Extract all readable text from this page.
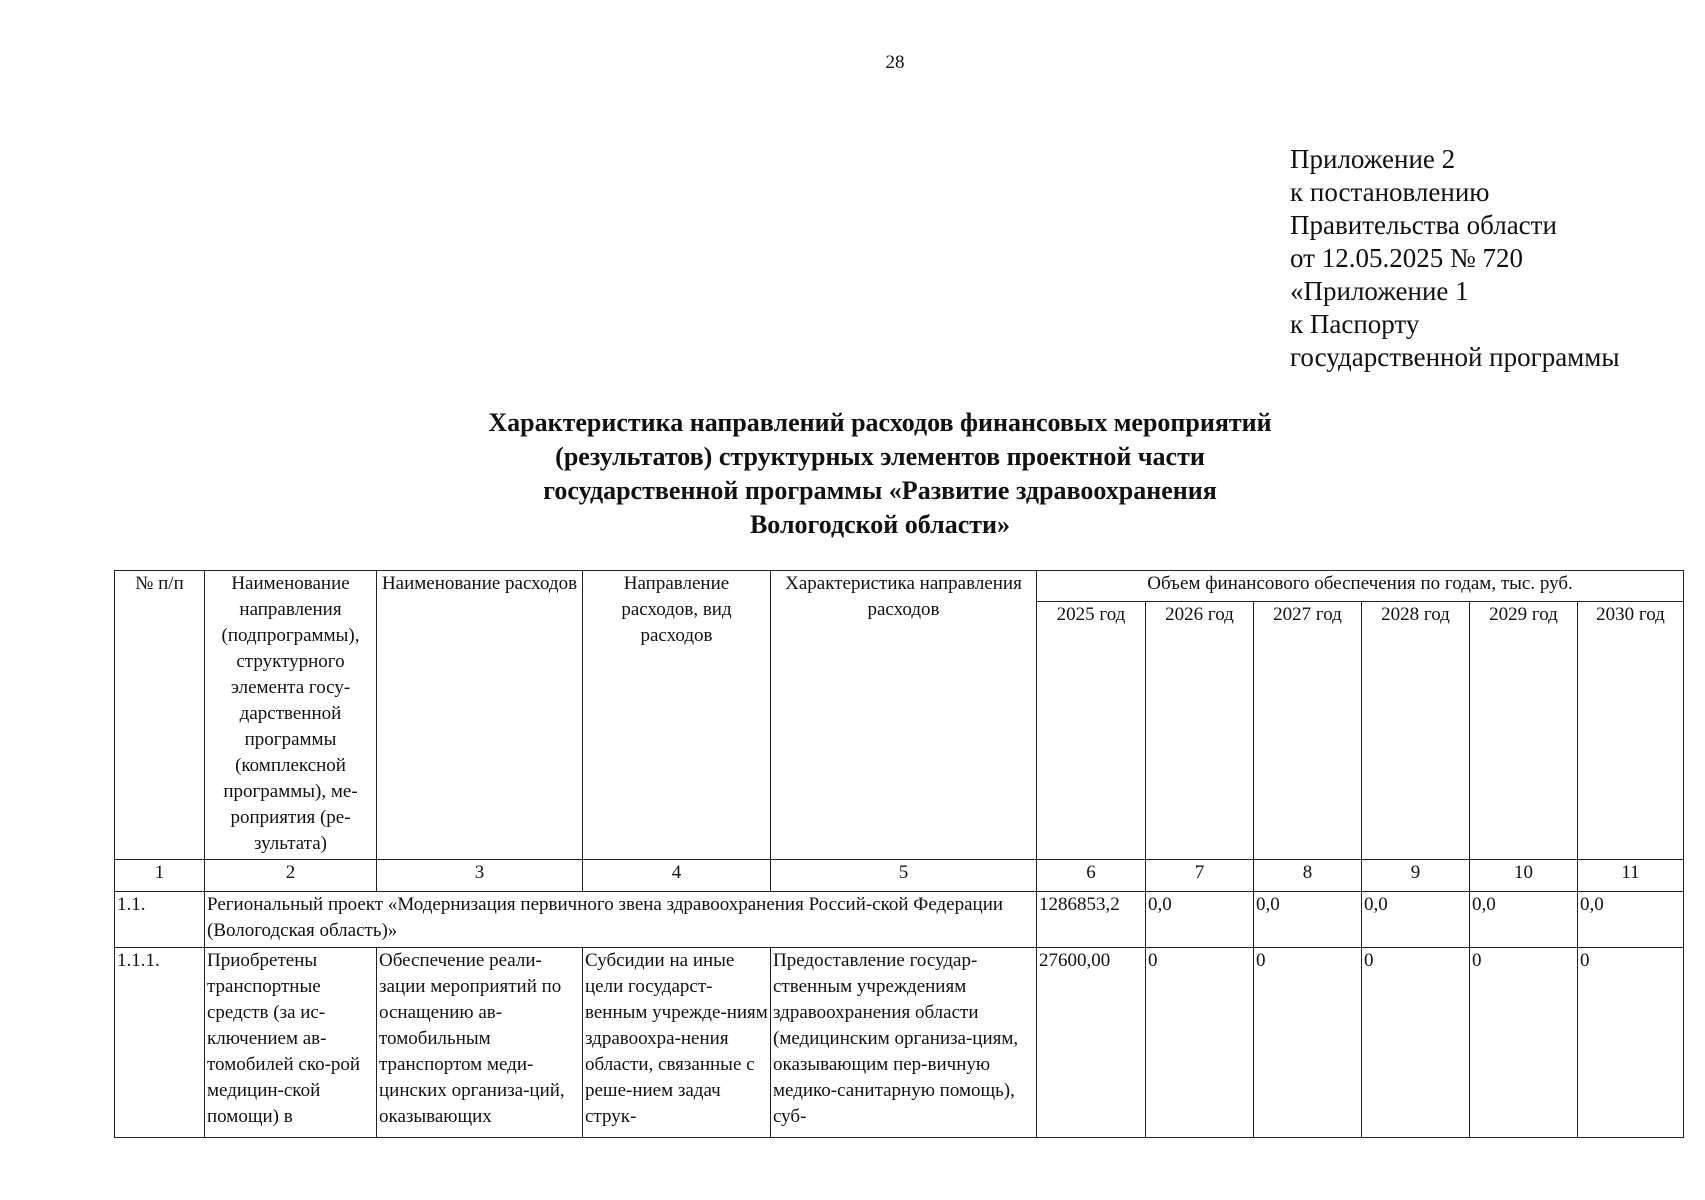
28
Приложение 2
к постановлению
Правительства области
от 12.05.2025 № 720
«Приложение 1
к Паспорту
государственной программы
Характеристика направлений расходов финансовых мероприятий
(результатов) структурных элементов проектной части
государственной программы «Развитие здравоохранения
Вологодской области»
№ п/п	Наименование направления (подпрограммы), структурного элемента госу-дарственной программы (комплексной программы), ме-роприятия (ре-зультата)	Наименование расходов	Направление расходов, вид расходов	Характеристика направления расходов	Объем финансового обеспечения по годам, тыс. руб.					
					2025 год	2026 год	2027 год	2028 год	2029 год	2030 год
1	2	3	4	5	6	7	8	9	10	11
1.1.	Региональный проект «Модернизация первичного звена здравоохранения Россий-ской Федерации (Вологодская область)»				1286853,2	0,0	0,0	0,0	0,0	0,0
1.1.1.	Приобретены транспортные средств (за ис-ключением ав-томобилей ско-рой медицин-ской помощи) в	Обеспечение реали-зации мероприятий по оснащению ав-томобильным транспортом меди-цинских организа-ций, оказывающих	Субсидии на иные цели государст-венным учрежде-ниям здравоохра-нения области, связанные с реше-нием задач струк-	Предоставление государ-ственным учреждениям здравоохранения области (медицинским организа-циям, оказывающим пер-вичную медико-санитарную помощь), суб-	27600,00	0	0	0	0	0
